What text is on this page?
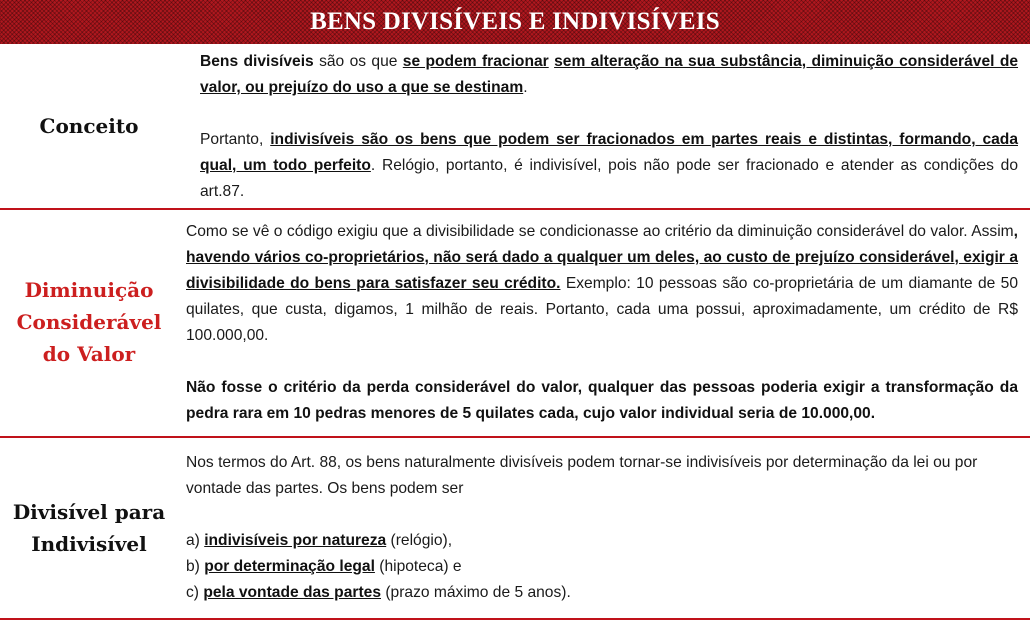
BENS DIVISÍVEIS E INDIVISÍVEIS
Conceito

Bens divisíveis são os que se podem fracionar sem alteração na sua substância, diminuição considerável de valor, ou prejuízo do uso a que se destinam.

Portanto, indivisíveis são os bens que podem ser fracionados em partes reais e distintas, formando, cada qual, um todo perfeito. Relógio, portanto, é indivisível, pois não pode ser fracionado e atender as condições do art.87.

Diminuição Considerável do Valor

Como se vê o código exigiu que a divisibilidade se condicionasse ao critério da diminuição considerável do valor. Assim, havendo vários co-proprietários, não será dado a qualquer um deles, ao custo de prejuízo considerável, exigir a divisibilidade do bens para satisfazer seu crédito. Exemplo: 10 pessoas são co-proprietária de um diamante de 50 quilates, que custa, digamos, 1 milhão de reais. Portanto, cada uma possui, aproximadamente, um crédito de R$ 100.000,00.

Não fosse o critério da perda considerável do valor, qualquer das pessoas poderia exigir a transformação da pedra rara em 10 pedras menores de 5 quilates cada, cujo valor individual seria de 10.000,00.

Divisível para Indivisível

Nos termos do Art. 88, os bens naturalmente divisíveis podem tornar-se indivisíveis por determinação da lei ou por vontade das partes. Os bens podem ser

a) indivisíveis por natureza (relógio),

b) por determinação legal (hipoteca) e

c) pela vontade das partes (prazo máximo de 5 anos).
